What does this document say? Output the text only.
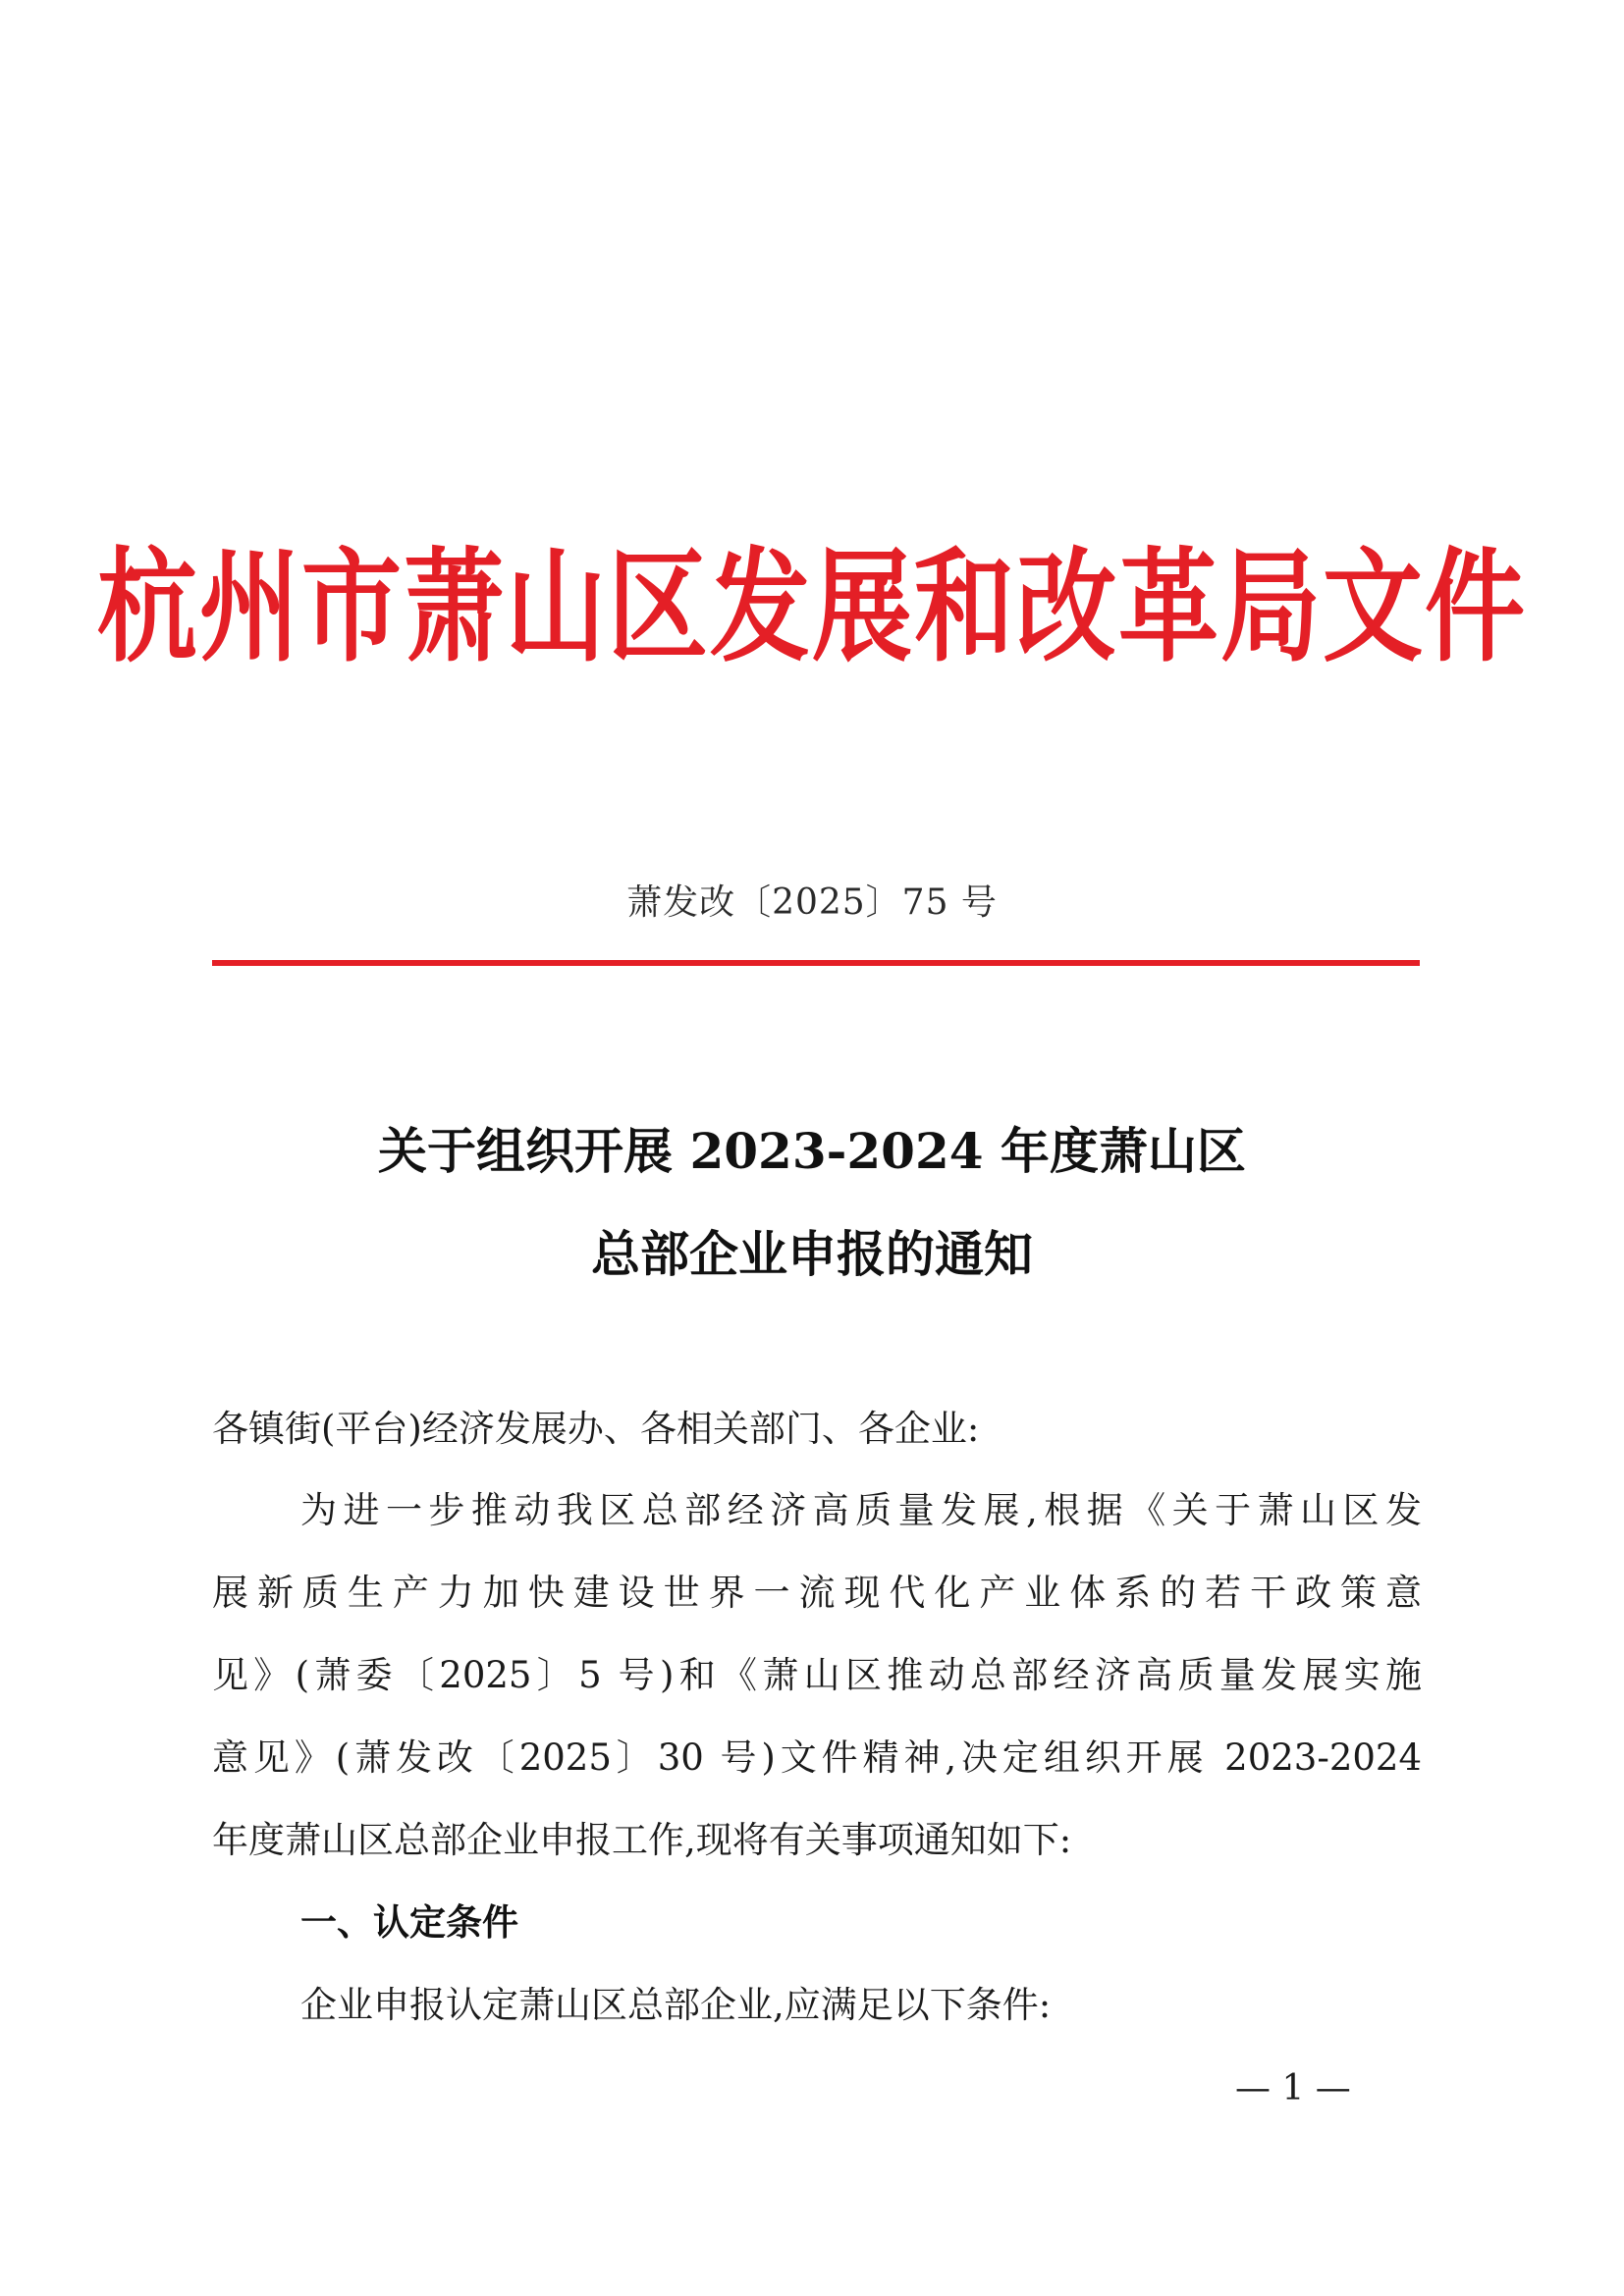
杭州市萧山区发展和改革局文件
萧发改〔2025〕75 号
关于组织开展 2023-2024 年度萧山区
总部企业申报的通知
各镇街(平台)经济发展办、各相关部门、各企业:
为进一步推动我区总部经济高质量发展,根据《关于萧山区发
展新质生产力加快建设世界一流现代化产业体系的若干政策意
见》(萧委〔2025〕5 号)和《萧山区推动总部经济高质量发展实施
意见》(萧发改〔2025〕30 号)文件精神,决定组织开展 2023-2024
年度萧山区总部企业申报工作,现将有关事项通知如下:
一、认定条件
企业申报认定萧山区总部企业,应满足以下条件:
— 1 —
